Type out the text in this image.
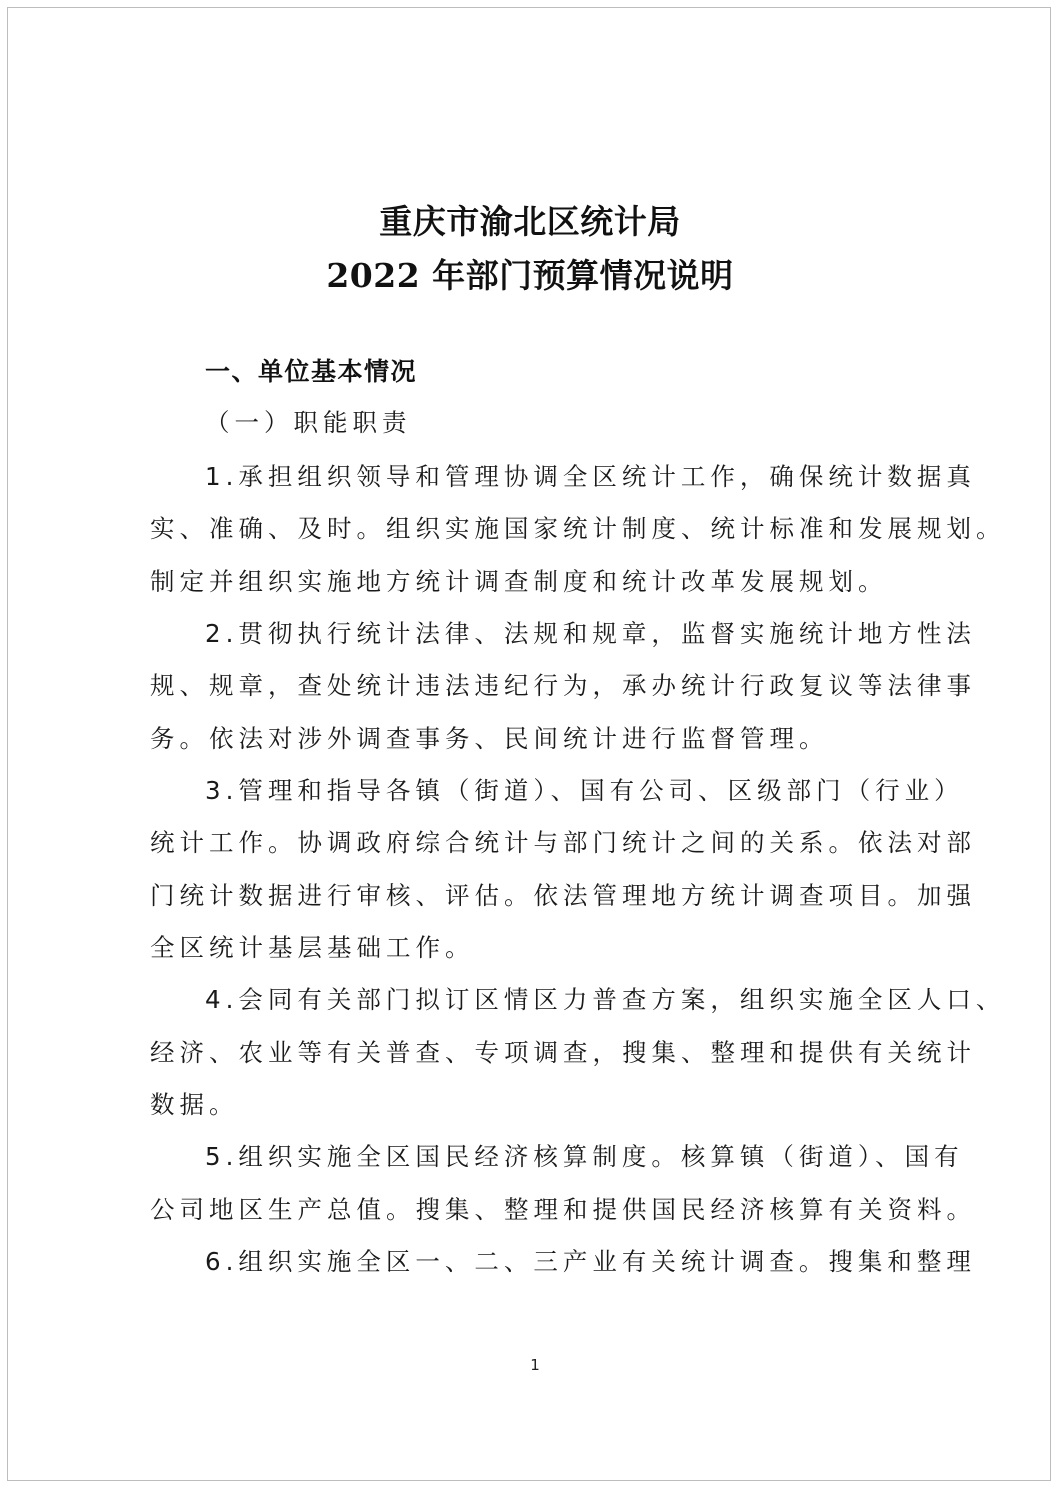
重庆市渝北区统计局
2022 年部门预算情况说明
一、单位基本情况
（一）职能职责
1.承担组织领导和管理协调全区统计工作，确保统计数据真
实、准确、及时。组织实施国家统计制度、统计标准和发展规划。
制定并组织实施地方统计调查制度和统计改革发展规划。
2.贯彻执行统计法律、法规和规章，监督实施统计地方性法
规、规章，查处统计违法违纪行为，承办统计行政复议等法律事
务。依法对涉外调查事务、民间统计进行监督管理。
3.管理和指导各镇（街道）、国有公司、区级部门（行业）
统计工作。协调政府综合统计与部门统计之间的关系。依法对部
门统计数据进行审核、评估。依法管理地方统计调查项目。加强
全区统计基层基础工作。
4.会同有关部门拟订区情区力普查方案，组织实施全区人口、
经济、农业等有关普查、专项调查，搜集、整理和提供有关统计
数据。
5.组织实施全区国民经济核算制度。核算镇（街道）、国有
公司地区生产总值。搜集、整理和提供国民经济核算有关资料。
6.组织实施全区一、二、三产业有关统计调查。搜集和整理
1
